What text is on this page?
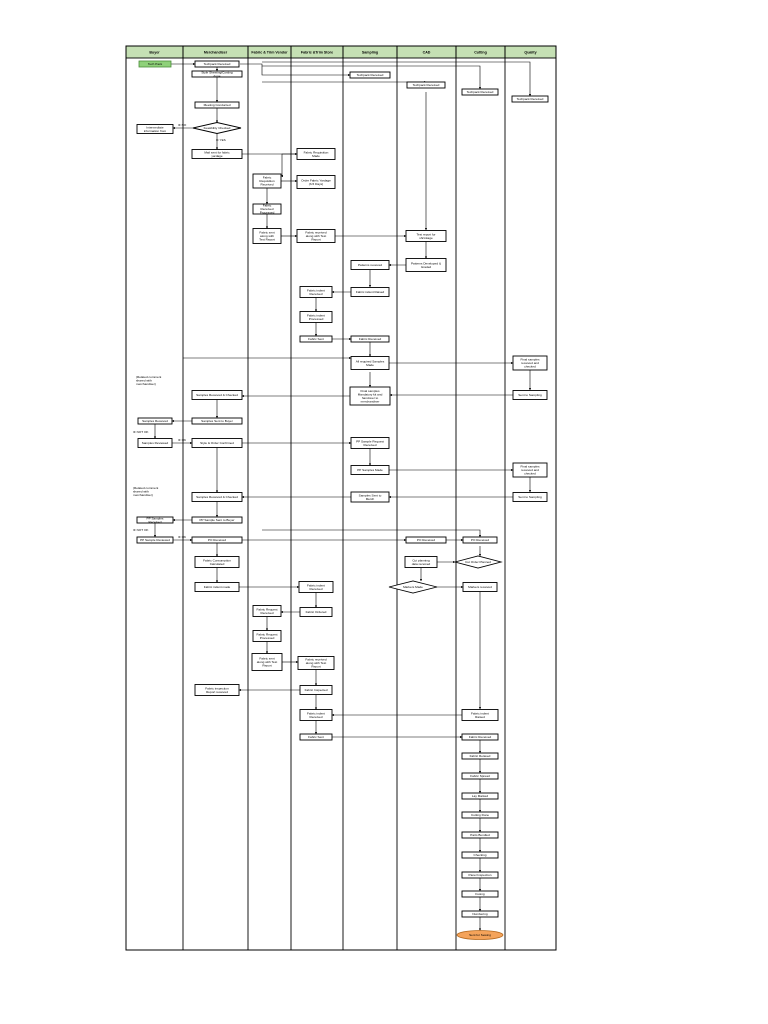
Buyer	Merchandiser	Fabric & Trim Vendor	Fabric &Trim Store	Sampling	CAD	Cutting	Quality
Tech Pack	Techpack Received
Style Sheeting/Costing done	Techpack Received
Techpack Received
Techpack Received
Techpack Received
Meeting Conducted
Feasibility Checked
Intermediate information from
Mail sent for fabric yardage
Fabric Requisition Made
Fabric Requisition Received
Order Fabric Yardage (3-5 Days)
Fabric Received Processed
Fabric sent along with Test Report
Fabric received along with Test Report
Test report for shrinkage
Patterns Developed & Graded
Patterns received
Fabric indent Received	Fabric indent Raised
Fabric indent Processed
Fabric Sent	Fabric Received
All required Samples Made
Final samples received and checked
Samples Received & Checked
Final samples Mandatory kit and handover to merchandiser
Sent to Sampling
Samples Received	Samples Sent to Buyer
Samples Reviewed	Style & Order Confirmed	PP Sample Request Received
PP Samples Made
Final samples received and checked
Samples Received & Checked	Samples Sent to Merch	Sent to Sampling
PP Samples Received	PP Sample Sent to Buyer
PP Sample Reviewed	PO Received	PO Received	PO Received
Fabric Consumption Calculated
Cut planning data received	Cut Order Planned
Fabric indent made	Fabric indent Received	Markers Made	Markers received
Fabric Request Received	Fabric Ordered
Fabric Request Processed
Fabric sent along with Test Report
Fabric received along with Test Report
Fabric inspection Report received	Fabric Inspected
Fabric indent Received
Fabric indent Raised
Fabric Sent	Fabric Received
Fabric Relaxed
Fabric Spread
Lay Marked
Cutting Done
Parts Bundled
Checking
Panel Inspection
Fusing
Numbering
Sent for Sewing
IF NO
IF YES
(Related comment shared with merchandiser)
IF NOT OK
IF OK
(Related comment shared with merchandiser)
IF NOT OK
IF OK
